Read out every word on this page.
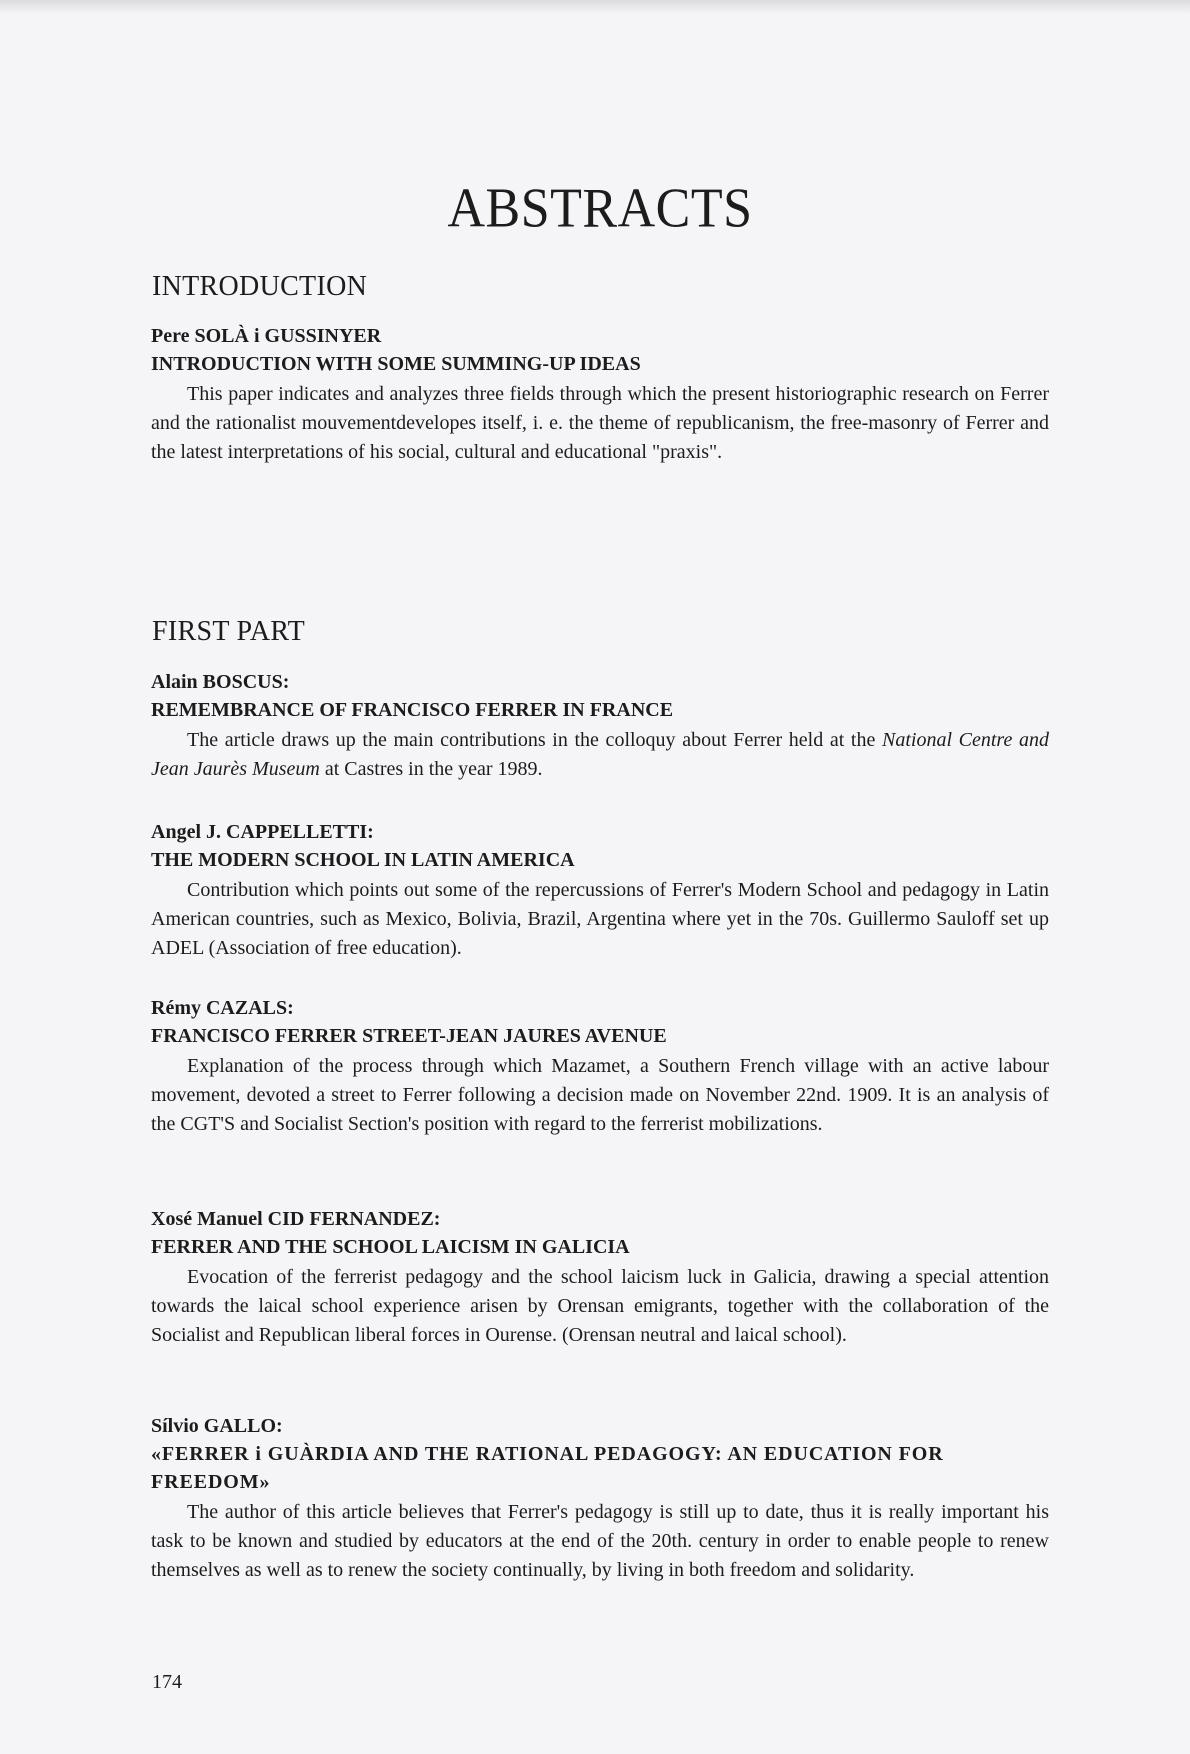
ABSTRACTS
INTRODUCTION

Pere SOLÀ i GUSSINYER

INTRODUCTION WITH SOME SUMMING-UP IDEAS

This paper indicates and analyzes three fields through which the present historiographic research on Ferrer and the rationalist mouvementdevelopes itself, i. e. the theme of republicanism, the free-masonry of Ferrer and the latest interpretations of his social, cultural and educational "praxis".

FIRST PART

Alain BOSCUS:

REMEMBRANCE OF FRANCISCO FERRER IN FRANCE

The article draws up the main contributions in the colloquy about Ferrer held at the National Centre and Jean Jaurès Museum at Castres in the year 1989.

Angel J. CAPPELLETTI:

THE MODERN SCHOOL IN LATIN AMERICA

Contribution which points out some of the repercussions of Ferrer's Modern School and pedagogy in Latin American countries, such as Mexico, Bolivia, Brazil, Argentina where yet in the 70s. Guillermo Sauloff set up ADEL (Association of free education).

Rémy CAZALS:

FRANCISCO FERRER STREET-JEAN JAURES AVENUE

Explanation of the process through which Mazamet, a Southern French village with an active labour movement, devoted a street to Ferrer following a decision made on November 22nd. 1909. It is an analysis of the CGT'S and Socialist Section's position with regard to the ferrerist mobilizations.

Xosé Manuel CID FERNANDEZ:

FERRER AND THE SCHOOL LAICISM IN GALICIA

Evocation of the ferrerist pedagogy and the school laicism luck in Galicia, drawing a special attention towards the laical school experience arisen by Orensan emigrants, together with the collaboration of the Socialist and Republican liberal forces in Ourense. (Orensan neutral and laical school).

Sílvio GALLO:

«FERRER i GUÀRDIA AND THE RATIONAL PEDAGOGY: AN EDUCATION FOR FREEDOM»

The author of this article believes that Ferrer's pedagogy is still up to date, thus it is really important his task to be known and studied by educators at the end of the 20th. century in order to enable people to renew themselves as well as to renew the society continually, by living in both freedom and solidarity.

174
